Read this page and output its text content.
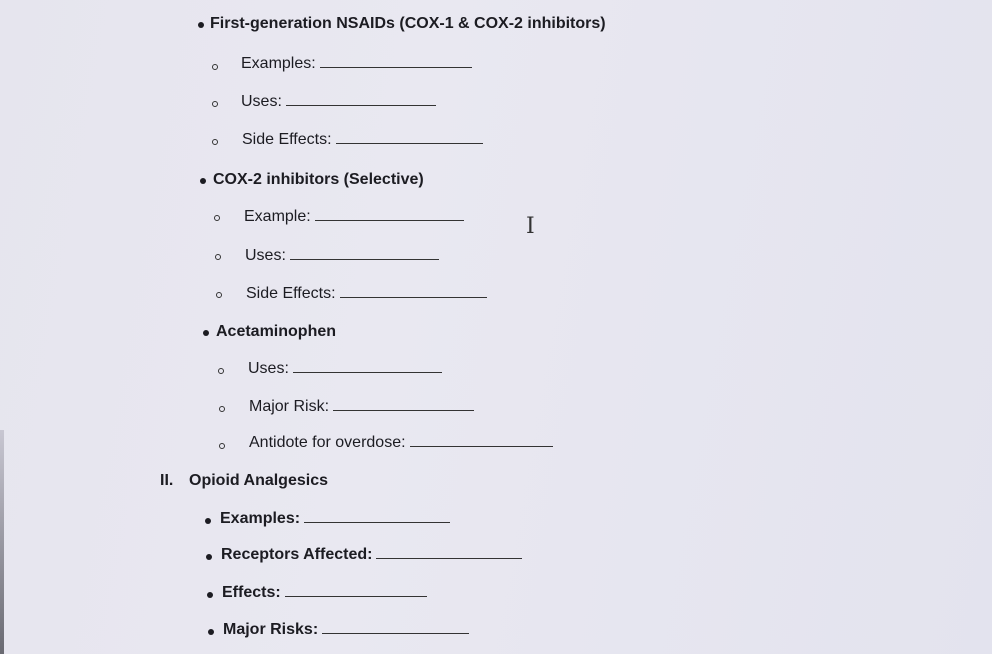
First-generation NSAIDs (COX-1 & COX-2 inhibitors)
Examples:
Uses:
Side Effects:
COX-2 inhibitors (Selective)
Example:
Uses:
Side Effects:
I
Acetaminophen
Uses:
Major Risk:
Antidote for overdose:
II. Opioid Analgesics
Examples:
Receptors Affected:
Effects:
Major Risks:
